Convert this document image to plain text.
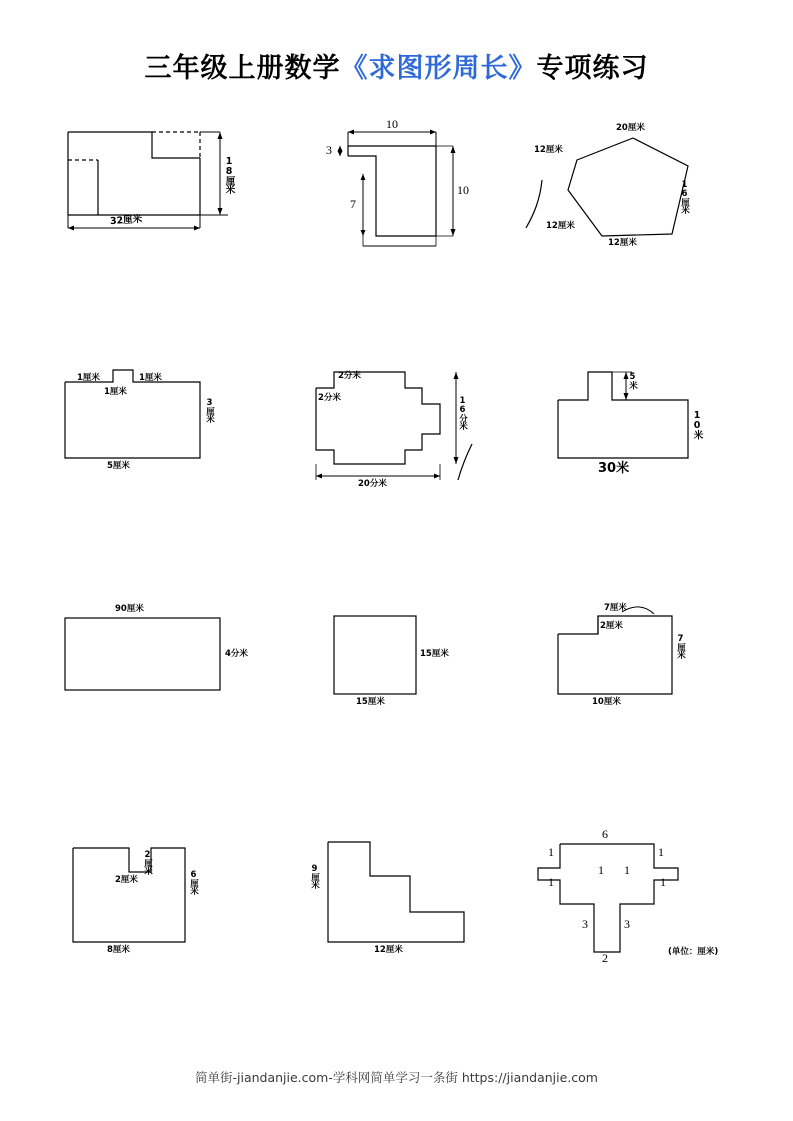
三年级上册数学《求图形周长》专项练习
18厘米
32厘米
10
3
7
10
20厘米
12厘米
16厘米
12厘米
12厘米
1厘米	1厘米
1厘米
3厘米
5厘米
2分米
2分米	16分米
20分米
5米
10米
30米
90厘米
4分米	15厘米
15厘米
7厘米
2厘米
7厘米
10厘米
2厘米
2厘米
6厘米
8厘米
9厘米
12厘米
6
1	1
1
1 1
1
3	3
2	(单位：厘米)
简单街-jiandanjie.com-学科网简单学习一条街 https://jiandanjie.com
